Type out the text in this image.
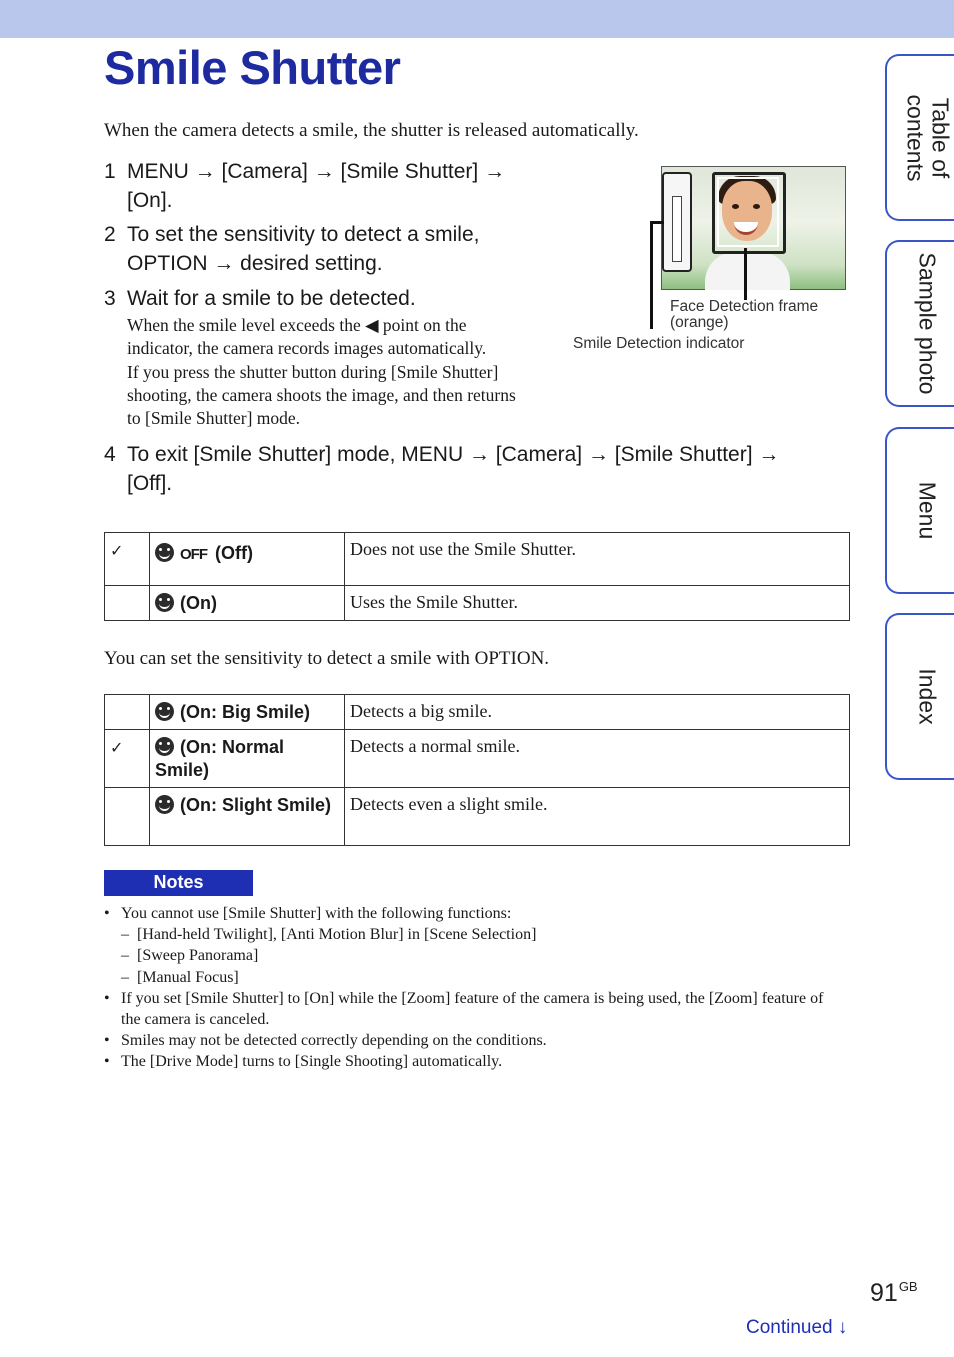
Smile Shutter
When the camera detects a smile, the shutter is released automatically.
1 MENU → [Camera] → [Smile Shutter] →
[On].
2 To set the sensitivity to detect a smile,
OPTION → desired setting.
3 Wait for a smile to be detected.
When the smile level exceeds the ◀ point on the
indicator, the camera records images automatically.
If you press the shutter button during [Smile Shutter]
shooting, the camera shoots the image, and then returns
to [Smile Shutter] mode.
Face Detection frame
(orange)
Smile Detection indicator
4 To exit [Smile Shutter] mode, MENU → [Camera] → [Smile Shutter] →
[Off].
✓	OFF (Off)	Does not use the Smile Shutter.
	(On)	Uses the Smile Shutter.
You can set the sensitivity to detect a smile with OPTION.
	(On: Big Smile)	Detects a big smile.
✓	(On: Normal Smile)	Detects a normal smile.
	(On: Slight Smile)	Detects even a slight smile.
Notes
• You cannot use [Smile Shutter] with the following functions:
– [Hand-held Twilight], [Anti Motion Blur] in [Scene Selection]
– [Sweep Panorama]
– [Manual Focus]
• If you set [Smile Shutter] to [On] while the [Zoom] feature of the camera is being used, the [Zoom] feature of the camera is canceled.
• Smiles may not be detected correctly depending on the conditions.
• The [Drive Mode] turns to [Single Shooting] automatically.
Table of
contents
Sample photo
Menu
Index
$91^{GB}$
Continued ↓
